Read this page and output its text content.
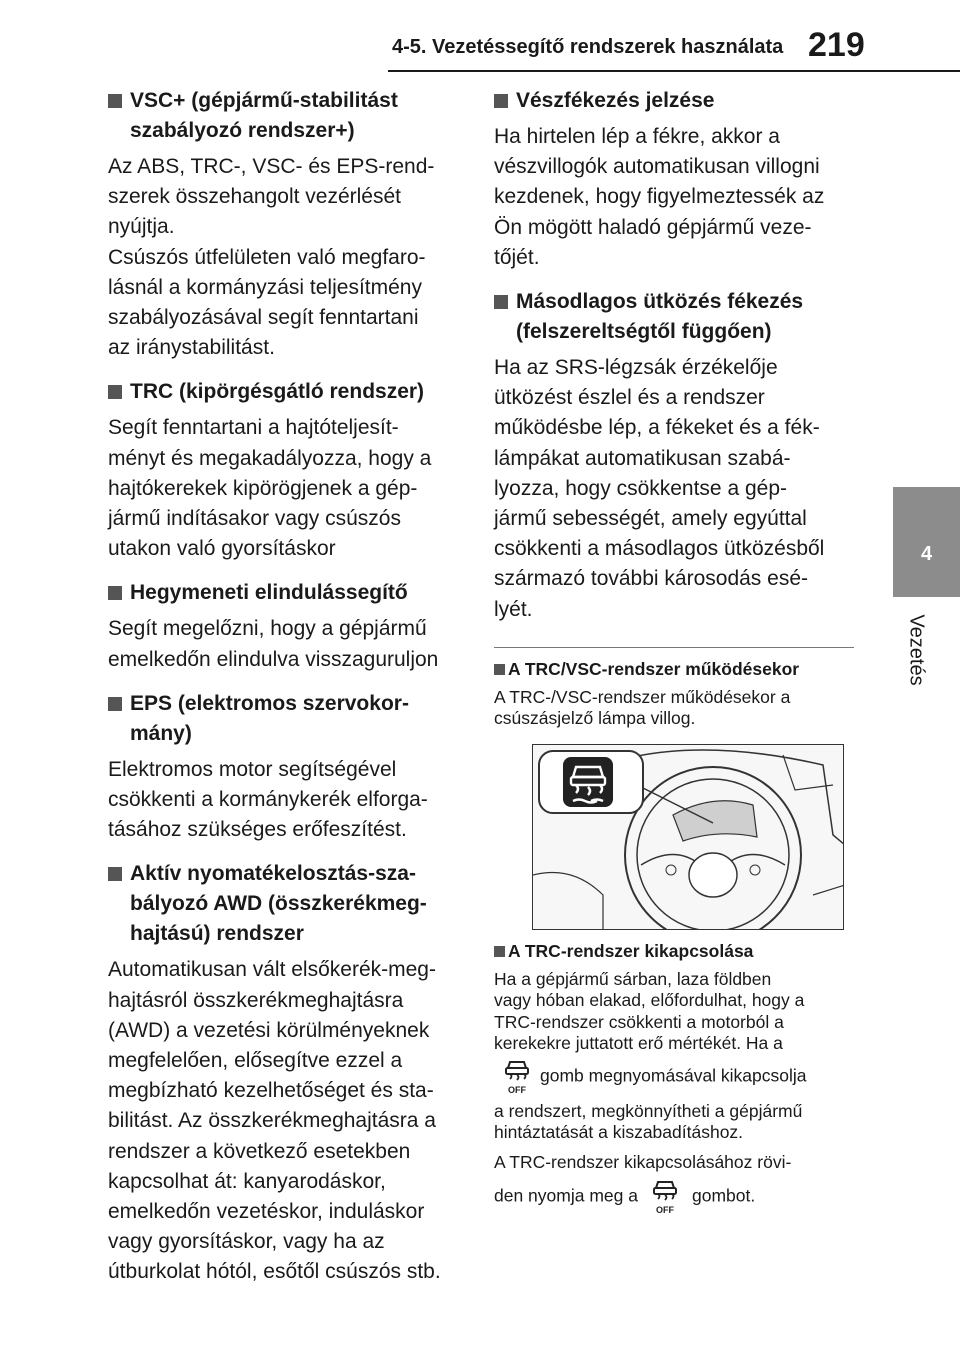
4-5. Vezetéssegítő rendszerek használata 219
4
Vezetés
VSC+ (gépjármű-stabilitást
szabályozó rendszer+)
Az ABS, TRC-, VSC- és EPS-rend-
szerek összehangolt vezérlését
nyújtja.
Csúszós útfelületen való megfaro-
lásnál a kormányzási teljesítmény
szabályozásával segít fenntartani
az iránystabilitást.
TRC (kipörgésgátló rendszer)
Segít fenntartani a hajtóteljesít-
ményt és megakadályozza, hogy a
hajtókerekek kipörögjenek a gép-
jármű indításakor vagy csúszós
utakon való gyorsításkor
Hegymeneti elindulássegítő
Segít megelőzni, hogy a gépjármű
emelkedőn elindulva visszaguruljon
EPS (elektromos szervokor-
mány)
Elektromos motor segítségével
csökkenti a kormánykerék elforga-
tásához szükséges erőfeszítést.
Aktív nyomatékelosztás-sza-
bályozó AWD (összkerékmeg-
hajtású) rendszer
Automatikusan vált elsőkerék-meg-
hajtásról összkerékmeghajtásra
(AWD) a vezetési körülményeknek
megfelelően, elősegítve ezzel a
megbízható kezelhetőséget és sta-
bilitást. Az összkerékmeghajtásra a
rendszer a következő esetekben
kapcsolhat át: kanyarodáskor,
emelkedőn vezetéskor, induláskor
vagy gyorsításkor, vagy ha az
útburkolat hótól, esőtől csúszós stb.
Vészfékezés jelzése
Ha hirtelen lép a fékre, akkor a
vészvillogók automatikusan villogni
kezdenek, hogy figyelmeztessék az
Ön mögött haladó gépjármű veze-
tőjét.
Másodlagos ütközés fékezés
(felszereltségtől függően)
Ha az SRS-légzsák érzékelője
ütközést észlel és a rendszer
működésbe lép, a fékeket és a fék-
lámpákat automatikusan szabá-
lyozza, hogy csökkentse a gép-
jármű sebességét, amely egyúttal
csökkenti a másodlagos ütközésből
származó további károsodás esé-
lyét.
A TRC/VSC-rendszer működésekor
A TRC-/VSC-rendszer működésekor a
csúszásjelző lámpa villog.
A TRC-rendszer kikapcsolása
Ha a gépjármű sárban, laza földben
vagy hóban elakad, előfordulhat, hogy a
TRC-rendszer csökkenti a motorból a
kerekekre juttatott erő mértékét. Ha a
OFF
gomb megnyomásával kikapcsolja
a rendszert, megkönnyítheti a gépjármű
hintáztatását a kiszabadításhoz.
A TRC-rendszer kikapcsolásához rövi-
den nyomja meg a
OFF
gombot.
